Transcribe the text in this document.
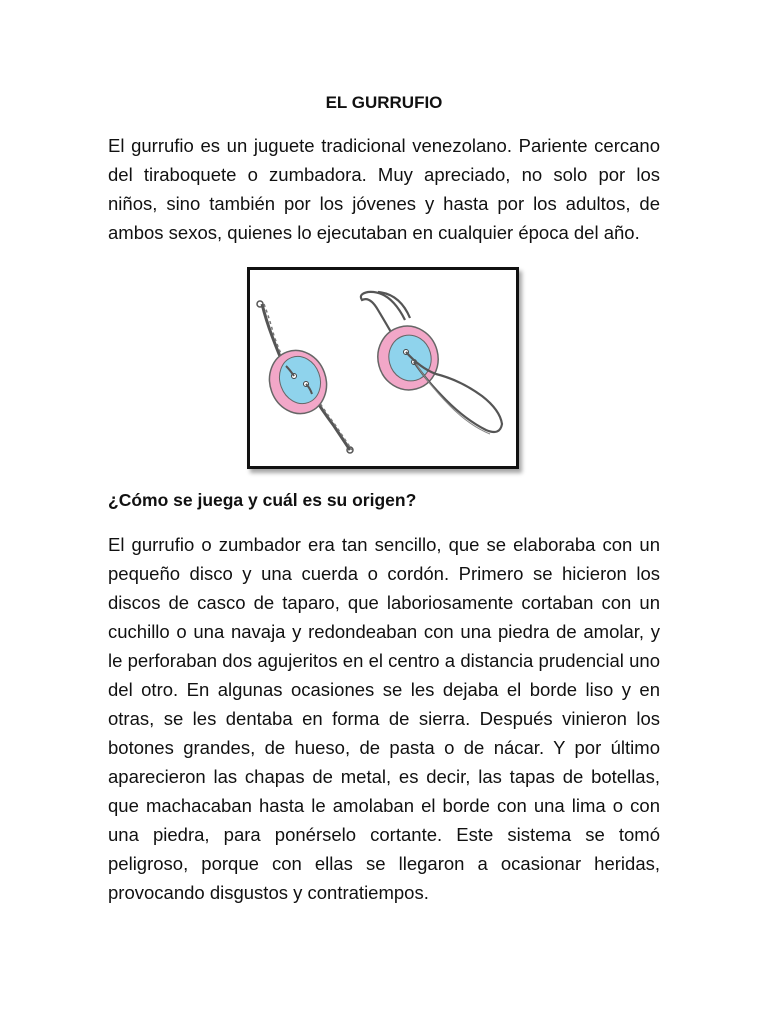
EL GURRUFIO

El gurrufio es un juguete tradicional venezolano. Pariente cercano del tiraboquete o zumbadora. Muy apreciado, no solo por los niños, sino también por los jóvenes y hasta por los adultos, de ambos sexos, quienes lo ejecutaban en cualquier época del año.

¿Cómo se juega y cuál es su origen?

El gurrufio o zumbador era tan sencillo, que se elaboraba con un pequeño disco y una cuerda o cordón. Primero se hicieron los discos de casco de taparo, que laboriosamente cortaban con un cuchillo o una navaja y redondeaban con una piedra de amolar, y le perforaban dos agujeritos en el centro a distancia prudencial uno del otro. En algunas ocasiones se les dejaba el borde liso y en otras, se les dentaba en forma de sierra. Después vinieron los botones grandes, de hueso, de pasta o de nácar. Y por último aparecieron las chapas de metal, es decir, las tapas de botellas, que machacaban hasta le amolaban el borde con una lima o con una piedra, para ponérselo cortante. Este sistema se tomó peligroso, porque con ellas se llegaron a ocasionar heridas, provocando disgustos y contratiempos.
